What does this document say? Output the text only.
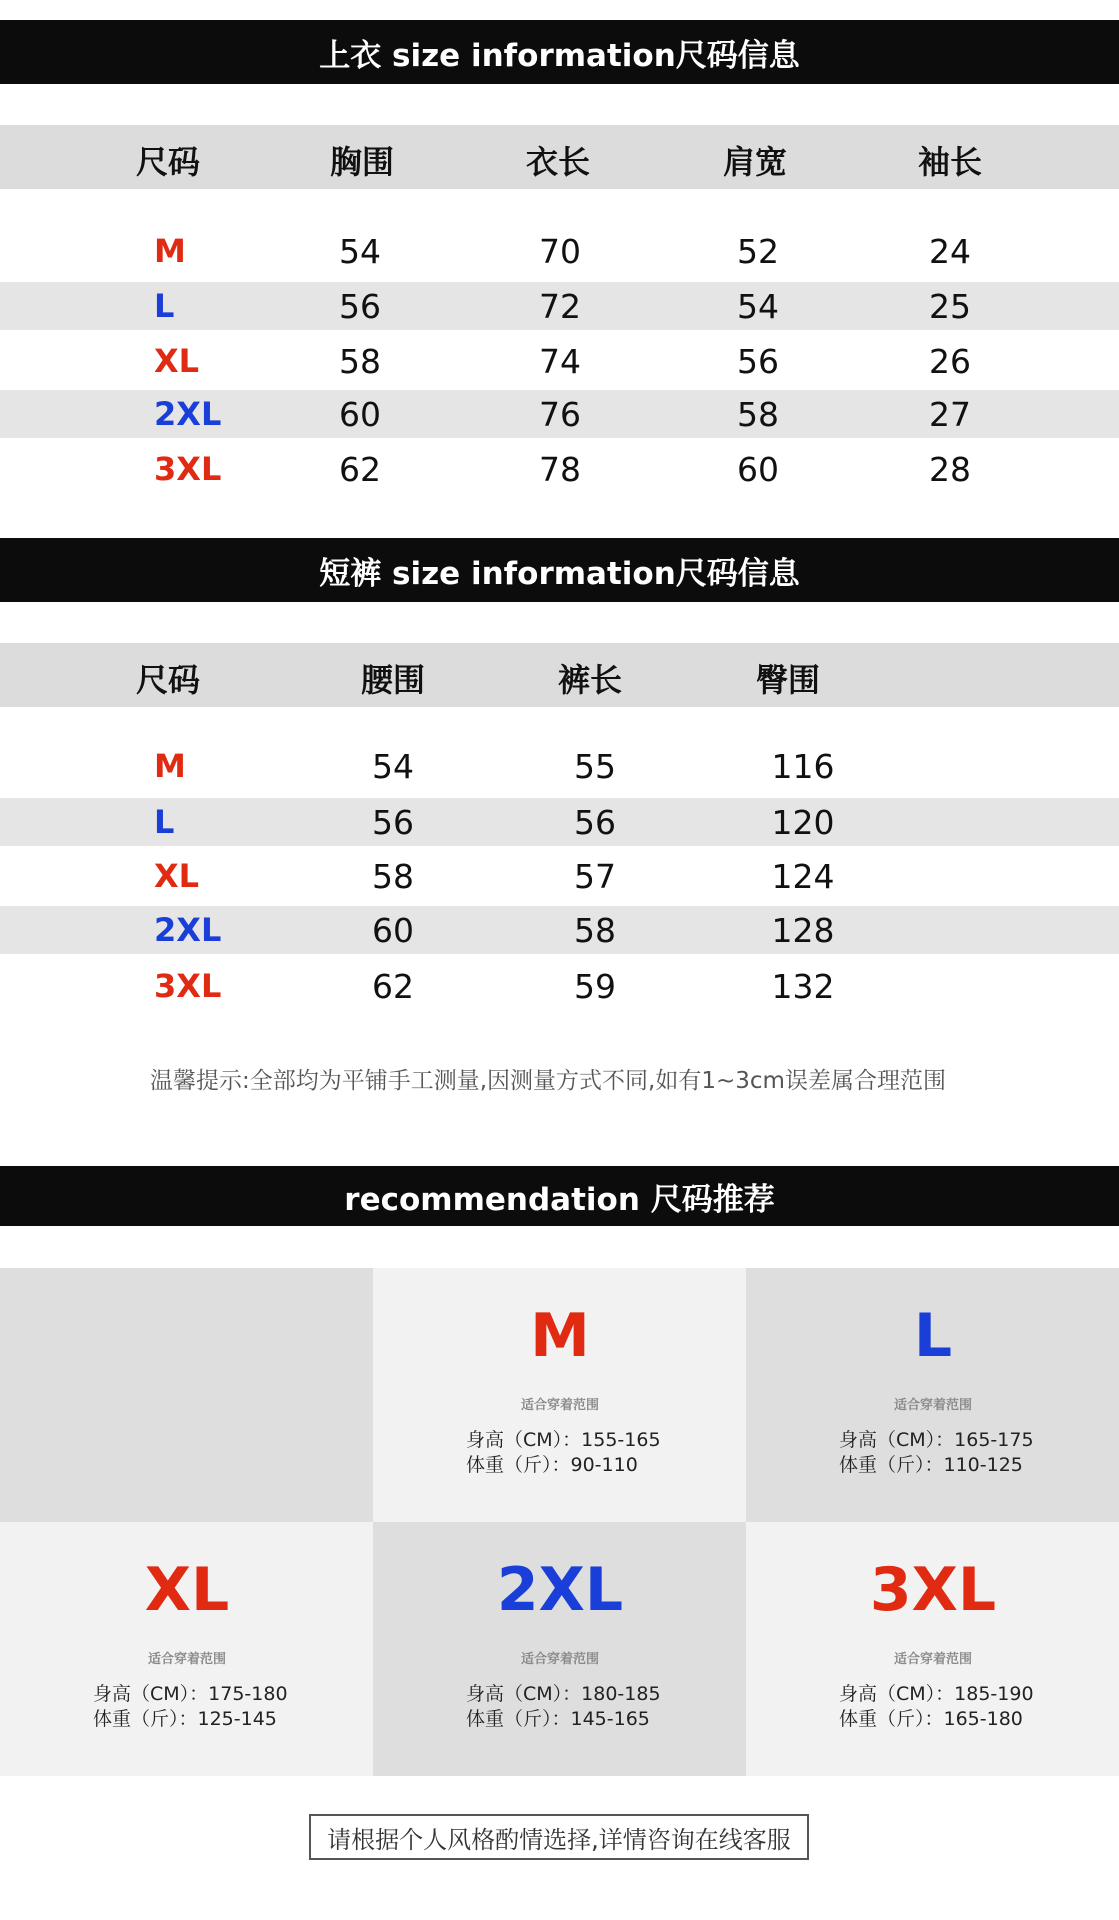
上衣 size information尺码信息
尺码	胸围	衣长	肩宽	袖长
M	54	70	52	24
L	56	72	54	25
XL	58	74	56	26
2XL	60	76	58	27
3XL	62	78	60	28
短裤 size information尺码信息
尺码	腰围	裤长	臀围
M	54	55	116
L	56	56	120
XL	58	57	124
2XL	60	58	128
3XL	62	59	132
温馨提示:全部均为平铺手工测量,因测量方式不同,如有1~3cm误差属合理范围
recommendation 尺码推荐
M
适合穿着范围
身高（CM）：155-165
体重（斤）：90-110
L
适合穿着范围
身高（CM）：165-175
体重（斤）：110-125
XL
适合穿着范围
身高（CM）：175-180
体重（斤）：125-145
2XL
适合穿着范围
身高（CM）：180-185
体重（斤）：145-165
3XL
适合穿着范围
身高（CM）：185-190
体重（斤）：165-180
请根据个人风格酌情选择,详情咨询在线客服
